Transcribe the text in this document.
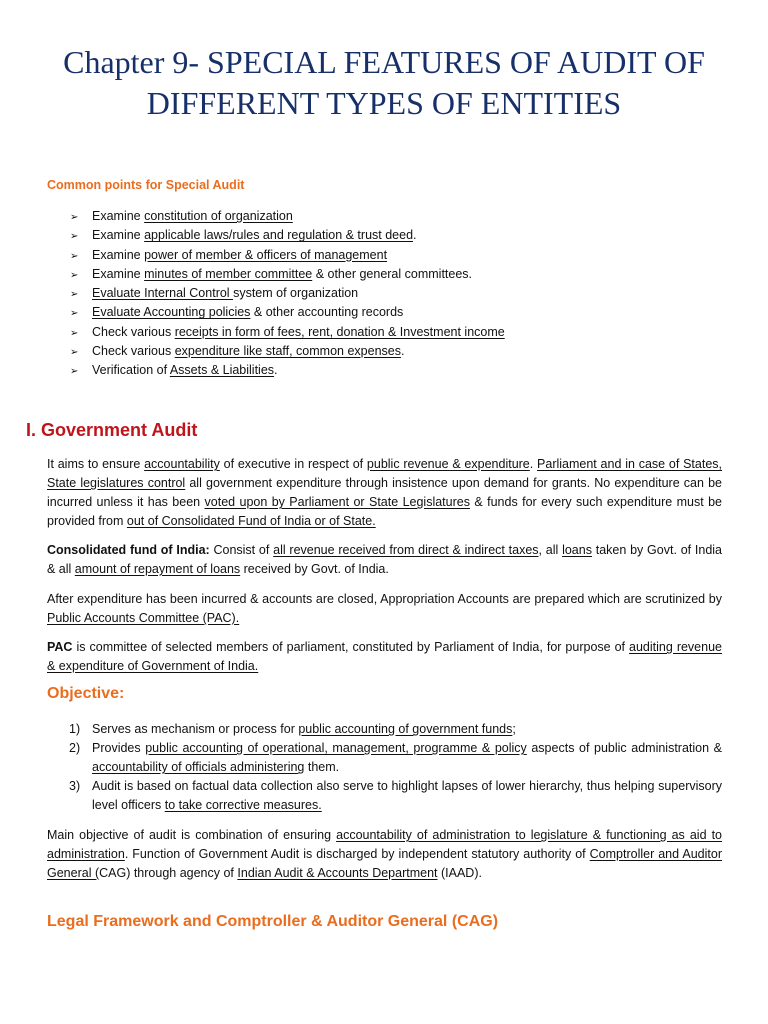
Chapter 9- SPECIAL FEATURES OF AUDIT OF DIFFERENT TYPES OF ENTITIES
Common points for Special Audit
➢ Examine constitution of organization
➢ Examine applicable laws/rules and regulation & trust deed.
➢ Examine power of member & officers of management
➢ Examine minutes of member committee & other general committees.
➢ Evaluate Internal Control system of organization
➢ Evaluate Accounting policies & other accounting records
➢ Check various receipts in form of fees, rent, donation & Investment income
➢ Check various expenditure like staff, common expenses.
➢ Verification of Assets & Liabilities.
I. Government Audit

It aims to ensure accountability of executive in respect of public revenue & expenditure. Parliament and in case of States, State legislatures control all government expenditure through insistence upon demand for grants. No expenditure can be incurred unless it has been voted upon by Parliament or State Legislatures & funds for every such expenditure must be provided from out of Consolidated Fund of India or of State.

Consolidated fund of India: Consist of all revenue received from direct & indirect taxes, all loans taken by Govt. of India & all amount of repayment of loans received by Govt. of India.

After expenditure has been incurred & accounts are closed, Appropriation Accounts are prepared which are scrutinized by Public Accounts Committee (PAC).

PAC is committee of selected members of parliament, constituted by Parliament of India, for purpose of auditing revenue & expenditure of Government of India.

Objective:
1) Serves as mechanism or process for public accounting of government funds;
2) Provides public accounting of operational, management, programme & policy aspects of public administration & accountability of officials administering them.
3) Audit is based on factual data collection also serve to highlight lapses of lower hierarchy, thus helping supervisory level officers to take corrective measures.

Main objective of audit is combination of ensuring accountability of administration to legislature & functioning as aid to administration. Function of Government Audit is discharged by independent statutory authority of Comptroller and Auditor General (CAG) through agency of Indian Audit & Accounts Department (IAAD).

Legal Framework and Comptroller & Auditor General (CAG)
